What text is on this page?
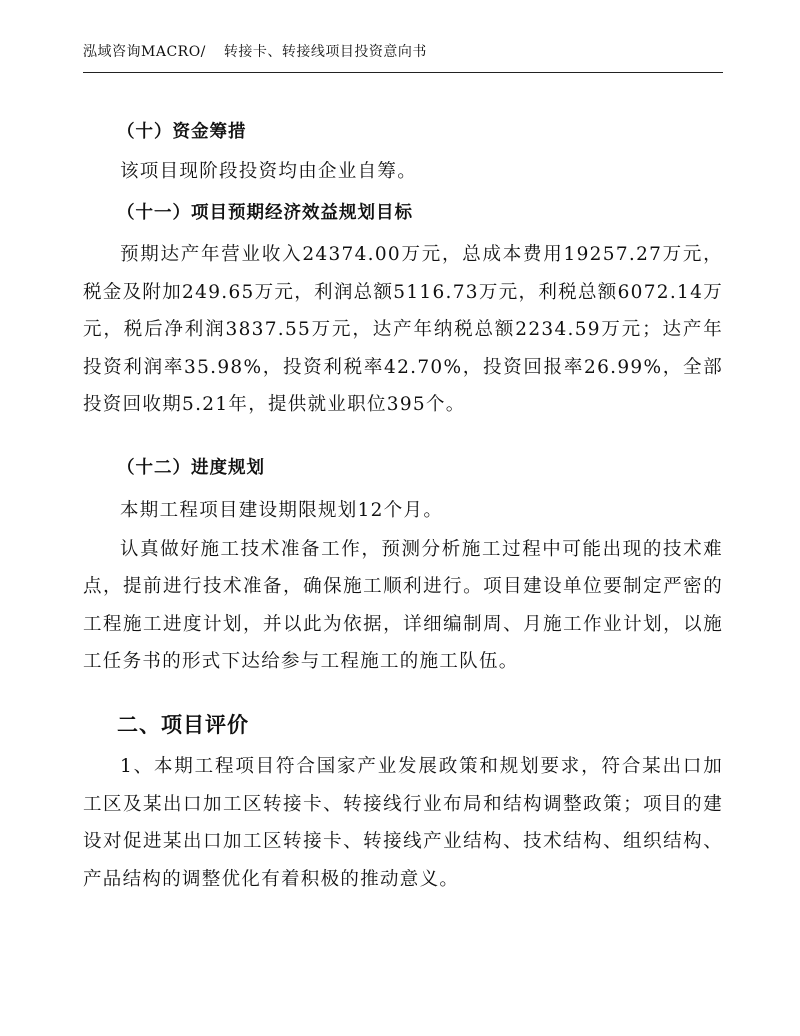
泓域咨询MACRO/ 转接卡、转接线项目投资意向书
（十）资金筹措

该项目现阶段投资均由企业自筹。

（十一）项目预期经济效益规划目标

预期达产年营业收入24374.00万元，总成本费用19257.27万元，税金及附加249.65万元，利润总额5116.73万元，利税总额6072.14万元，税后净利润3837.55万元，达产年纳税总额2234.59万元；达产年投资利润率35.98%，投资利税率42.70%，投资回报率26.99%，全部投资回收期5.21年，提供就业职位395个。

（十二）进度规划

本期工程项目建设期限规划12个月。

认真做好施工技术准备工作，预测分析施工过程中可能出现的技术难点，提前进行技术准备，确保施工顺利进行。项目建设单位要制定严密的工程施工进度计划，并以此为依据，详细编制周、月施工作业计划，以施工任务书的形式下达给参与工程施工的施工队伍。

二、项目评价

1、本期工程项目符合国家产业发展政策和规划要求，符合某出口加工区及某出口加工区转接卡、转接线行业布局和结构调整政策；项目的建设对促进某出口加工区转接卡、转接线产业结构、技术结构、组织结构、产品结构的调整优化有着积极的推动意义。
